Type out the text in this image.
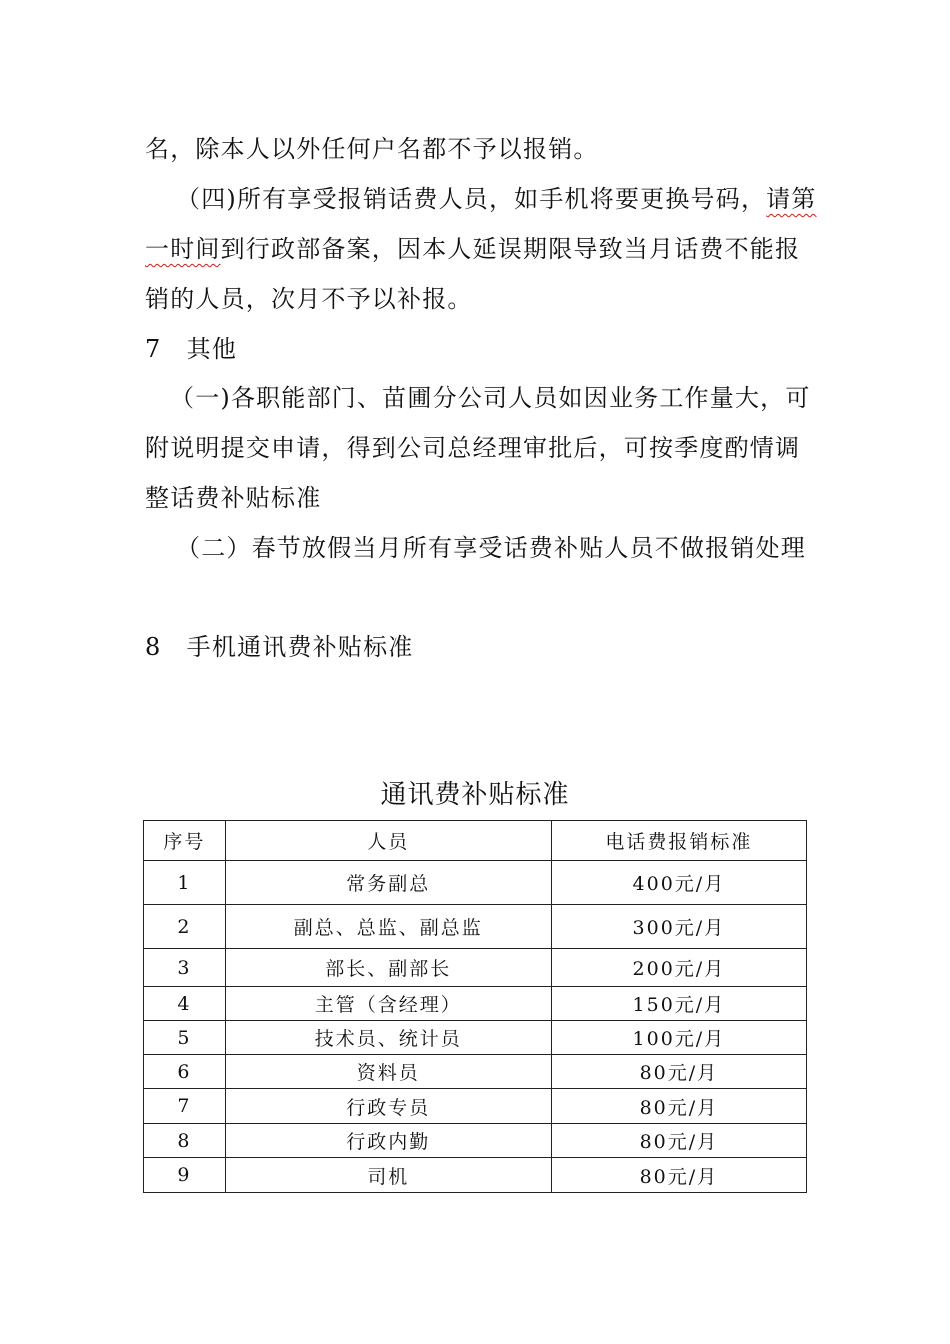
名，除本人以外任何户名都不予以报销。
（四)所有享受报销话费人员，如手机将要更换号码，请第
一时间到行政部备案，因本人延误期限导致当月话费不能报
销的人员，次月不予以补报。
7　其他
（一)各职能部门、苗圃分公司人员如因业务工作量大，可
附说明提交申请，得到公司总经理审批后，可按季度酌情调
整话费补贴标准
（二）春节放假当月所有享受话费补贴人员不做报销处理
8　手机通讯费补贴标准
通讯费补贴标准
序号	人员	电话费报销标准
1	常务副总	400元/月
2	副总、总监、副总监	300元/月
3	部长、副部长	200元/月
4	主管（含经理）	150元/月
5	技术员、统计员	100元/月
6	资料员	80元/月
7	行政专员	80元/月
8	行政内勤	80元/月
9	司机	80元/月
